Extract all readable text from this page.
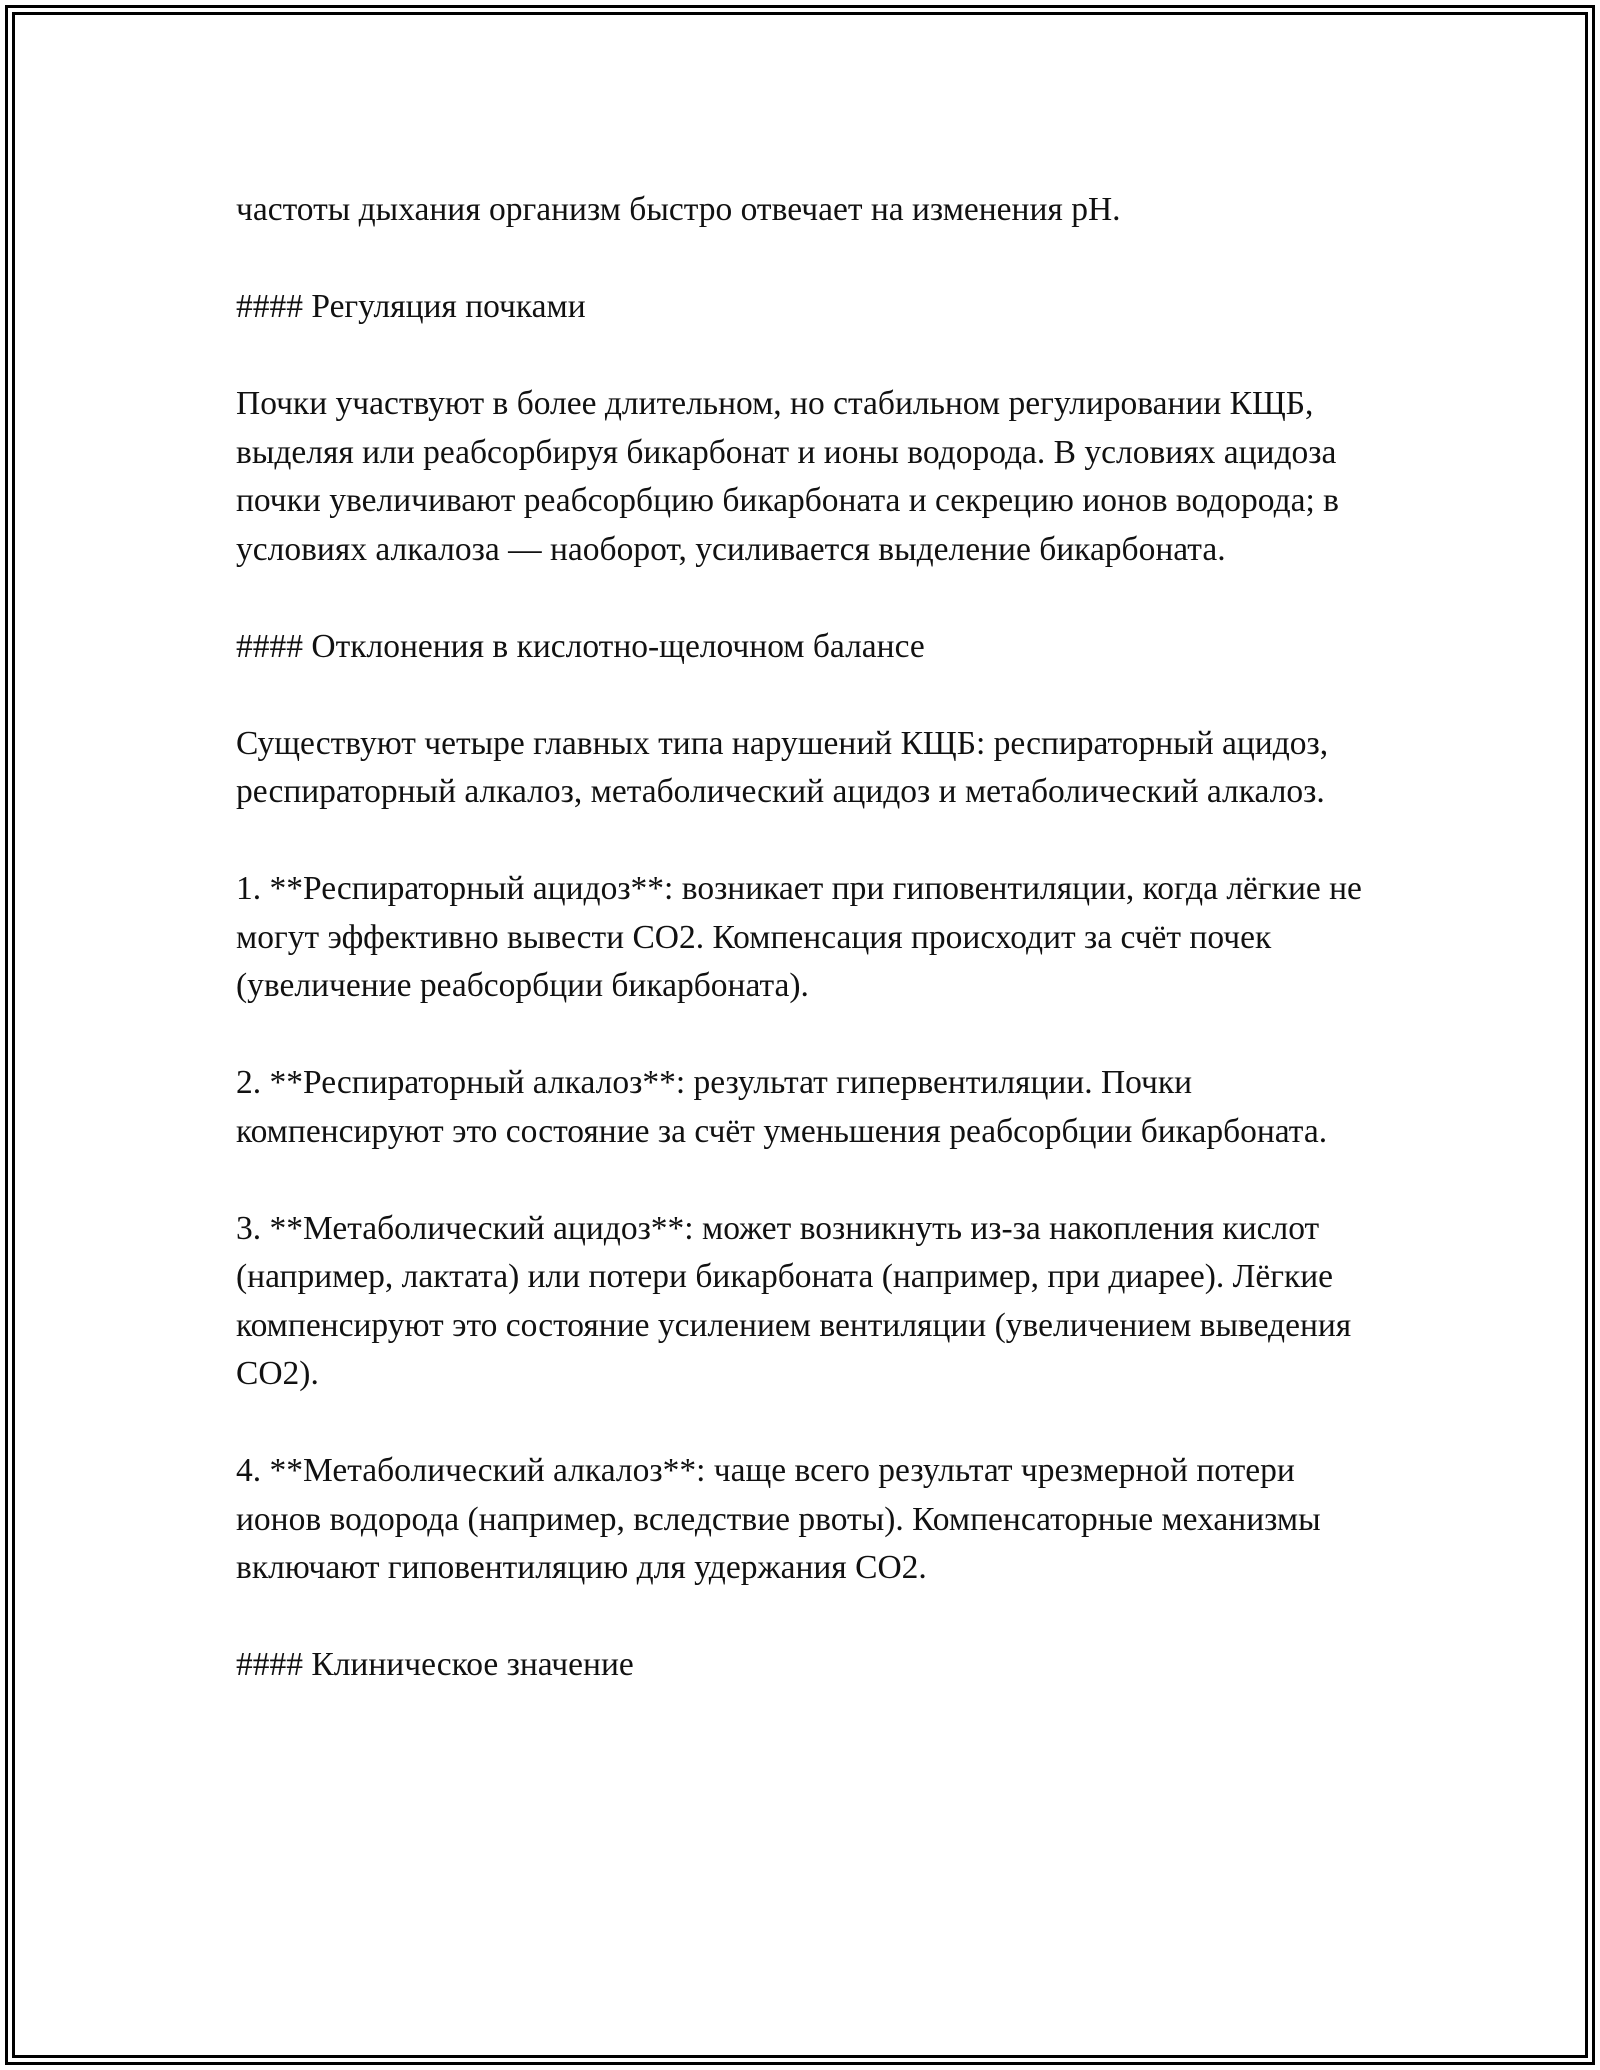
частоты дыхания организм быстро отвечает на изменения pH.

#### Регуляция почками

Почки участвуют в более длительном, но стабильном регулировании КЩБ, выделяя или реабсорбируя бикарбонат и ионы водорода. В условиях ацидоза почки увеличивают реабсорбцию бикарбоната и секрецию ионов водорода; в условиях алкалоза — наоборот, усиливается выделение бикарбоната.

#### Отклонения в кислотно-щелочном балансе

Существуют четыре главных типа нарушений КЩБ: респираторный ацидоз, респираторный алкалоз, метаболический ацидоз и метаболический алкалоз.

1. **Респираторный ацидоз**: возникает при гиповентиляции, когда лёгкие не могут эффективно вывести CO2. Компенсация происходит за счёт почек (увеличение реабсорбции бикарбоната).

2. **Респираторный алкалоз**: результат гипервентиляции. Почки компенсируют это состояние за счёт уменьшения реабсорбции бикарбоната.

3. **Метаболический ацидоз**: может возникнуть из-за накопления кислот (например, лактата) или потери бикарбоната (например, при диарее). Лёгкие компенсируют это состояние усилением вентиляции (увеличением выведения CO2).

4. **Метаболический алкалоз**: чаще всего результат чрезмерной потери ионов водорода (например, вследствие рвоты). Компенсаторные механизмы включают гиповентиляцию для удержания CO2.

#### Клиническое значение
